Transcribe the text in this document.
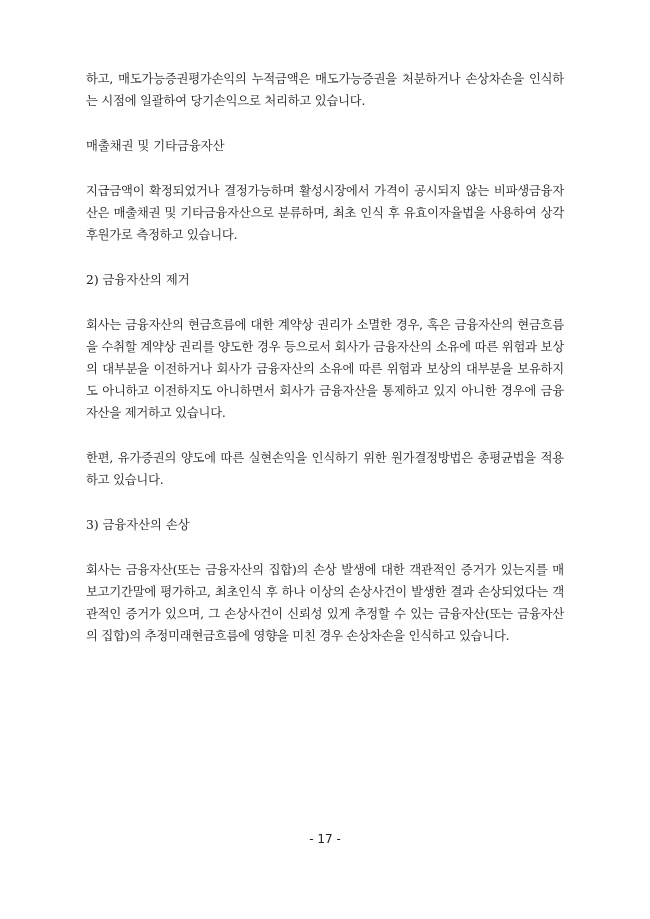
하고, 매도가능증권평가손익의 누적금액은 매도가능증권을 처분하거나 손상차손을 인식하는 시점에 일괄하여 당기손익으로 처리하고 있습니다.

매출채권 및 기타금융자산

지급금액이 확정되었거나 결정가능하며 활성시장에서 가격이 공시되지 않는 비파생금융자산은 매출채권 및 기타금융자산으로 분류하며, 최초 인식 후 유효이자율법을 사용하여 상각후원가로 측정하고 있습니다.

2) 금융자산의 제거

회사는 금융자산의 현금흐름에 대한 계약상 권리가 소멸한 경우, 혹은 금융자산의 현금흐름을 수취할 계약상 권리를 양도한 경우 등으로서 회사가 금융자산의 소유에 따른 위험과 보상의 대부분을 이전하거나 회사가 금융자산의 소유에 따른 위험과 보상의 대부분을 보유하지도 아니하고 이전하지도 아니하면서 회사가 금융자산을 통제하고 있지 아니한 경우에 금융자산을 제거하고 있습니다.

한편, 유가증권의 양도에 따른 실현손익을 인식하기 위한 원가결정방법은 총평균법을 적용하고 있습니다.

3) 금융자산의 손상

회사는 금융자산(또는 금융자산의 집합)의 손상 발생에 대한 객관적인 증거가 있는지를 매 보고기간말에 평가하고, 최초인식 후 하나 이상의 손상사건이 발생한 결과 손상되었다는 객관적인 증거가 있으며, 그 손상사건이 신뢰성 있게 추정할 수 있는 금융자산(또는 금융자산의 집합)의 추정미래현금흐름에 영향을 미친 경우 손상차손을 인식하고 있습니다.

- 17 -
